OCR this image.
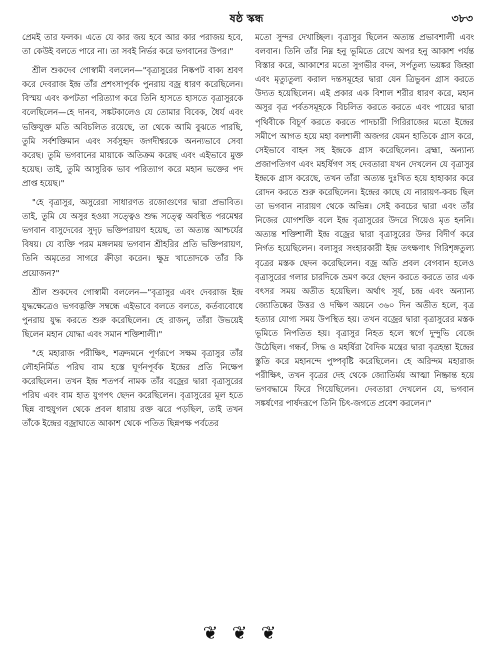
ষষ্ঠ স্কন্ধ	৩৮৩

প্রেমই তার ফলক। এতে যে কার জয় হবে আর কার পরাজয় হবে, তা কেউই বলতে পারে না। তা সবই নির্ভর করে ভগবানের উপর।"

শ্রীল শুকদেব গোস্বামী বললেন—"বৃত্রাসুরের নিষ্কপট বাক্য শ্রবণ করে দেবরাজ ইন্দ্র তাঁর প্রশংসাপূর্বক পুনরায় বজ্র ধারণ করেছিলেন। বিস্ময় এবং কপটতা পরিত্যাগ করে তিনি হাসতে হাসতে বৃত্রাসুরকে বলেছিলেন—হে দানব, সঙ্কটকালেও যে তোমার বিবেক, ধৈর্য এবং ভক্তিযুক্ত মতি অবিচলিত রয়েছে, তা থেকে আমি বুঝতে পারছি, তুমি সর্বশক্তিমান এবং সর্বসুহৃদ জগদীশ্বরকে অনন্যভাবে সেবা করেছ। তুমি ভগবানের মায়াকে অতিক্রম করেছ এবং এইভাবে মুক্ত হয়েছ। তাই, তুমি আসুরিক ভাব পরিত্যাগ করে মহান ভক্তের পদ প্রাপ্ত হয়েছ।"

"হে বৃত্রাসুর, অসুরেরা সাধারণত রজোগুণের দ্বারা প্রভাবিত। তাই, তুমি যে অসুর হওয়া সত্ত্বেও শুদ্ধ সত্ত্বে অবস্থিত পরমেশ্বর ভগবান বাসুদেবের সুদৃঢ় ভক্তিপরায়ণ হয়েছ, তা অত্যন্ত আশ্চর্যের বিষয়। যে ব্যক্তি পরম মঙ্গলময় ভগবান শ্রীহরির প্রতি ভক্তিপরায়ণ, তিনি অমৃতের সাগরে ক্রীড়া করেন। ক্ষুদ্র খাতোদকে তাঁর কি প্রয়োজন?"

শ্রীল শুকদেব গোস্বামী বললেন—"বৃত্রাসুর এবং দেবরাজ ইন্দ্র যুদ্ধক্ষেত্রেও ভগবদ্ভক্তি সম্বন্ধে এইভাবে বলতে বলতে, কর্তব্যবোধে পুনরায় যুদ্ধ করতে শুরু করেছিলেন। হে রাজন্, তাঁরা উভয়েই ছিলেন মহান যোদ্ধা এবং সমান শক্তিশালী।"

"হে মহারাজ পরীক্ষিৎ, শত্রুদমনে পূর্ণরূপে সক্ষম বৃত্রাসুর তাঁর লৌহনির্মিত পরিঘ বাম হস্তে ঘূর্ণনপূর্বক ইন্দ্রের প্রতি নিক্ষেপ করেছিলেন। তখন ইন্দ্র শতপর্ব নামক তাঁর বজ্রের দ্বারা বৃত্রাসুরের পরিঘ এবং বাম হাত যুগপৎ ছেদন করেছিলেন। বৃত্রাসুরের মূল হতে ছিন্ন বাহুযুগল থেকে প্রবল ধারায় রক্ত ঝরে পড়ছিল, তাই তখন তাঁকে ইন্দ্রের বজ্রাঘাতে আকাশ থেকে পতিত ছিন্নপক্ষ পর্বতের

মতো সুন্দর দেখাচ্ছিল। বৃত্রাসুর ছিলেন অত্যন্ত প্রভাবশালী এবং বলবান। তিনি তাঁর নিম্ন হনু ভূমিতে রেখে অপর হনু আকাশ পর্যন্ত বিস্তার করে, আকাশের মতো সুগভীর বদন, সর্পতুল্য ভয়ঙ্কর জিহ্বা এবং মৃত্যুতুল্য করাল দন্তসমূহের দ্বারা যেন ত্রিভুবন গ্রাস করতে উদ্যত হয়েছিলেন। এই প্রকার এক বিশাল শরীর ধারণ করে, মহান অসুর বৃত্র পর্বতসমূহকে বিচলিত করতে করতে এবং পায়ের দ্বারা পৃথিবীকে বিচূর্ণ করতে করতে পাদচারী গিরিরাজের মতো ইন্দ্রের সমীপে আগত হয়ে মহা বলশালী অজগর যেমন হাতিকে গ্রাস করে, সেইভাবে বাহন সহ ইন্দ্রকে গ্রাস করেছিলেন। ব্রহ্মা, অন্যান্য প্রজাপতিগণ এবং মহর্ষিগণ সহ দেবতারা যখন দেখলেন যে বৃত্রাসুর ইন্দ্রকে গ্রাস করেছে, তখন তাঁরা অত্যন্ত দুঃখিত হয়ে হাহাকার করে রোদন করতে শুরু করেছিলেন। ইন্দ্রের কাছে যে নারায়ণ-কবচ ছিল তা ভগবান নারায়ণ থেকে অভিন্ন। সেই কবচের দ্বারা এবং তাঁর নিজের যোগশক্তি বলে ইন্দ্র বৃত্রাসুরের উদরে গিয়েও মৃত হননি। অত্যন্ত শক্তিশালী ইন্দ্র বজ্রের দ্বারা বৃত্রাসুরের উদর বিদীর্ণ করে নির্গত হয়েছিলেন। বলাসুর সংহারকারী ইন্দ্র তৎক্ষণাৎ গিরিশৃঙ্গতুল্য বৃত্রের মস্তক ছেদন করেছিলেন। বজ্র অতি প্রবল বেগবান হলেও বৃত্রাসুরের গলার চারদিকে ভ্রমণ করে ছেদন করতে করতে তার এক বৎসর সময় অতীত হয়েছিল। অর্থাৎ সূর্য, চন্দ্র এবং অন্যান্য জ্যোতিষ্কের উত্তর ও দক্ষিণ অয়নে ৩৬০ দিন অতীত হলে, বৃত্র হত্যার যোগ্য সময় উপস্থিত হয়। তখন বজ্রের দ্বারা বৃত্রাসুরের মস্তক ভূমিতে নিপতিত হয়। বৃত্রাসুর নিহত হলে স্বর্গে দুন্দুভি বেজে উঠেছিল। গন্ধর্ব, সিদ্ধ ও মহর্ষিরা বৈদিক মন্ত্রের দ্বারা বৃত্রহন্তা ইন্দ্রের স্তুতি করে মহানন্দে পুষ্পবৃষ্টি করেছিলেন। হে অরিন্দম মহারাজ পরীক্ষিৎ, তখন বৃত্রের দেহ থেকে জ্যোতির্ময় আত্মা নিষ্ক্রান্ত হয়ে ভগবদ্ধামে ফিরে গিয়েছিলেন। দেবতারা দেখলেন যে, ভগবান সঙ্কর্ষণের পার্ষদরূপে তিনি চিৎ-জগতে প্রবেশ করলেন।"

❦❦❦
